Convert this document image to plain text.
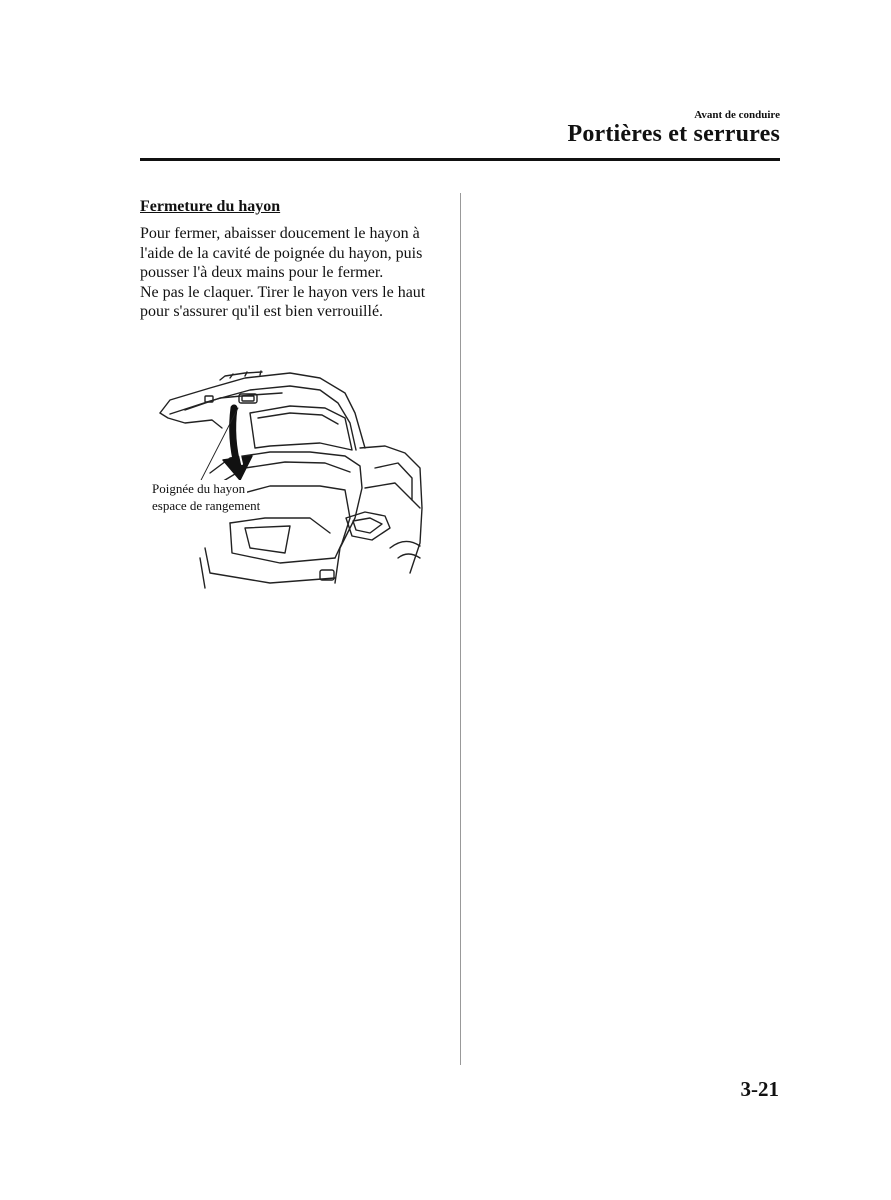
Avant de conduire
Portières et serrures
Fermeture du hayon

Pour fermer, abaisser doucement le hayon à l'aide de la cavité de poignée du hayon, puis pousser l'à deux mains pour le fermer.

Ne pas le claquer. Tirer le hayon vers le haut pour s'assurer qu'il est bien verrouillé.

Poignée du hayon
espace de rangement
3-21
